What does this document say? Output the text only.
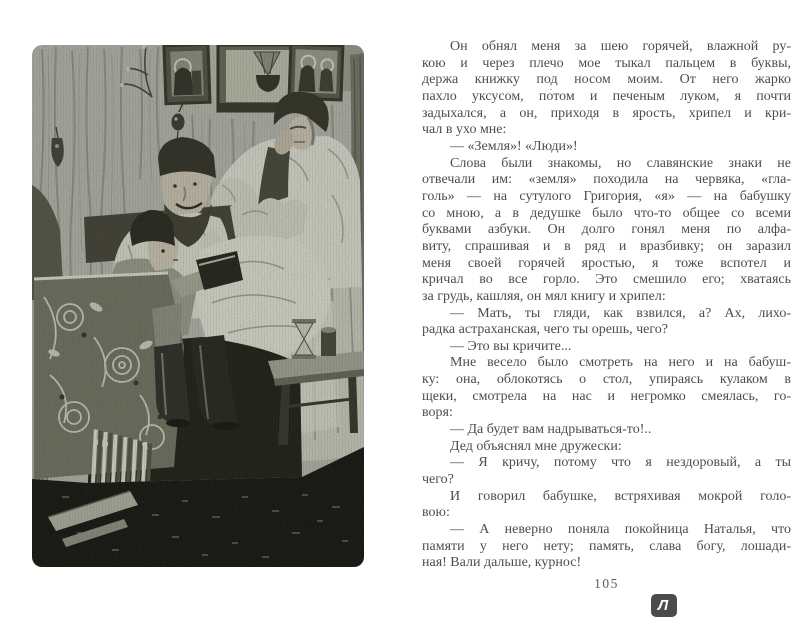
Он обнял меня за шею горячей, влажной ру-
кою и через плечо мое тыкал пальцем в буквы,
держа книжку под носом моим. От него жарко
пахло уксусом, по́том и печеным луком, я почти
задыхался, а он, приходя в ярость, хрипел и кри-
чал в ухо мне:
— «Земля»! «Люди»!
Слова были знакомы, но славянские знаки не
отвечали им: «земля» походила на червяка, «гла-
голь» — на сутулого Григория, «я» — на бабушку
со мною, а в дедушке было что-то общее со всеми
буквами азбуки. Он долго гонял меня по алфа-
виту, спрашивая и в ряд и вразбивку; он заразил
меня своей горячей яростью, я тоже вспотел и
кричал во все горло. Это смешило его; хватаясь
за грудь, кашляя, он мял книгу и хрипел:
— Мать, ты гляди, как взвился, а? Ах, лихо-
радка астраханская, чего ты орешь, чего?
— Это вы кричите...
Мне весело было смотреть на него и на бабуш-
ку: она, облокотясь о стол, упираясь кулаком в
щеки, смотрела на нас и негромко смеялась, го-
воря:
— Да будет вам надрываться-то!..
Дед объяснял мне дружески:
— Я кричу, потому что я нездоровый, а ты
чего?
И говорил бабушке, встряхивая мокрой голо-
вою:
— А неверно поняла покойница Наталья, что
памяти у него нету; память, слава богу, лошади-
ная! Вали дальше, курнос!
105
Л
